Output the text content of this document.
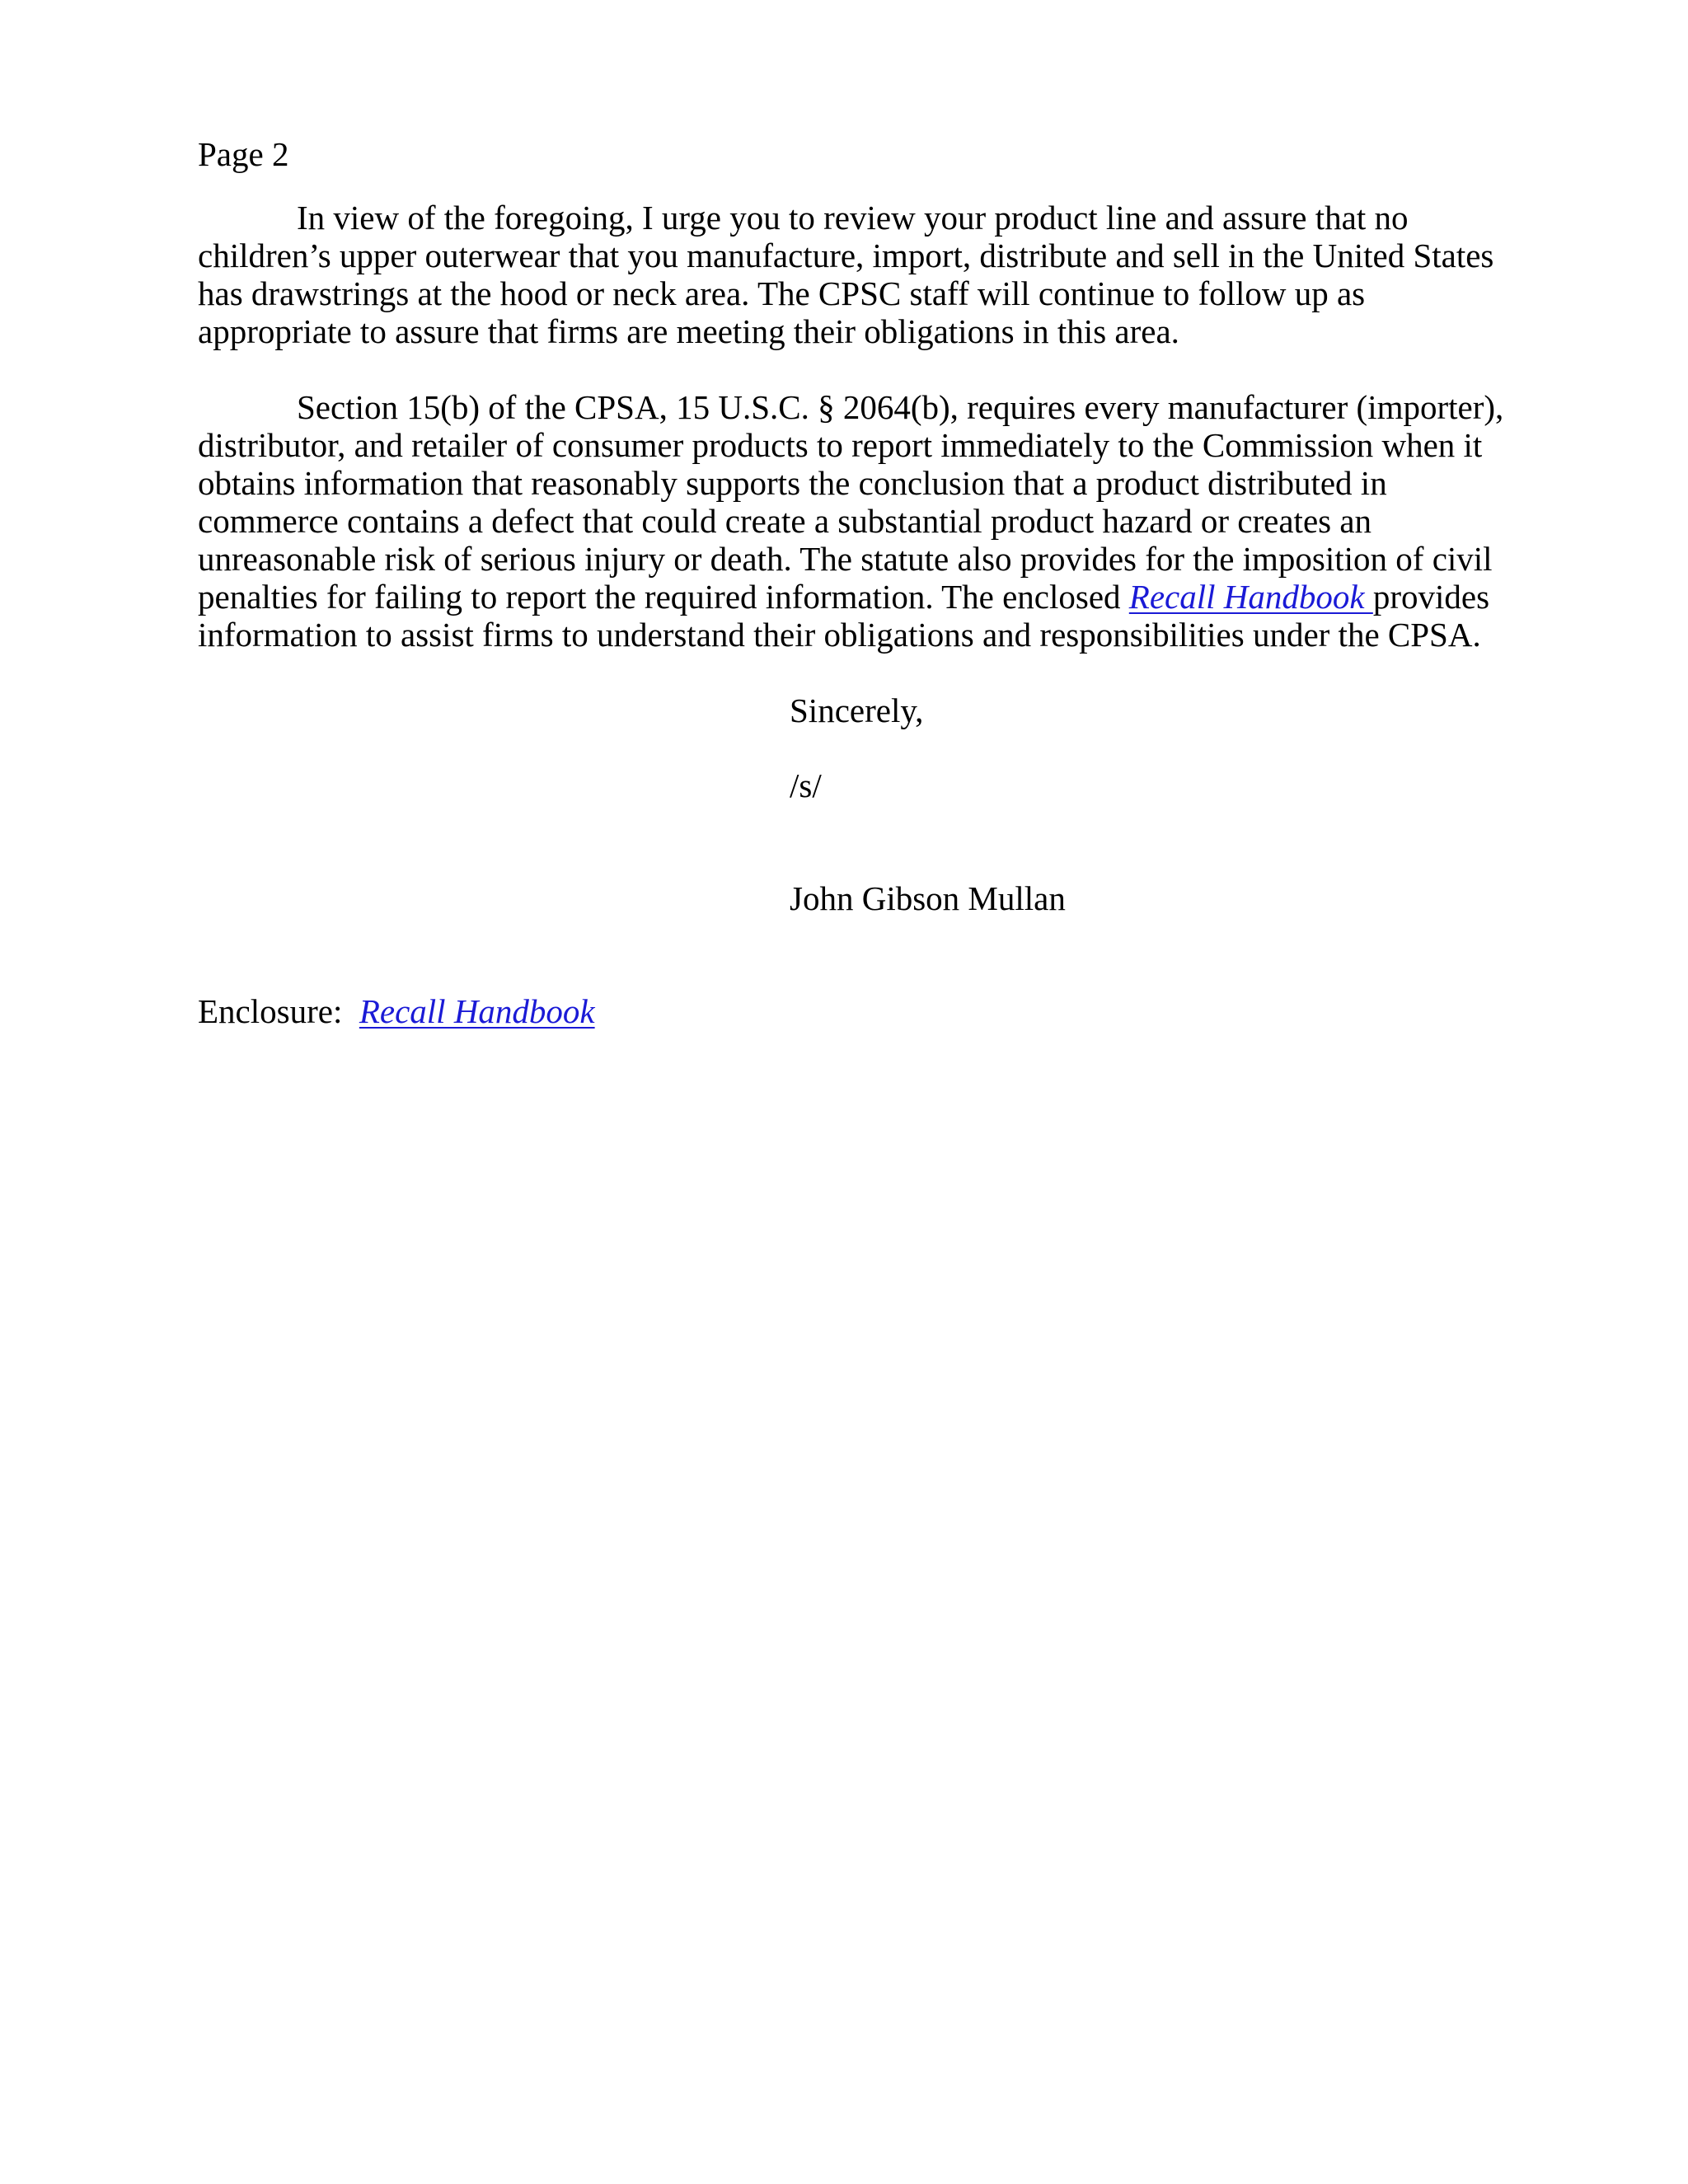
Page 2

In view of the foregoing, I urge you to review your product line and assure that no
children’s upper outerwear that you manufacture, import, distribute and sell in the United States
has drawstrings at the hood or neck area. The CPSC staff will continue to follow up as
appropriate to assure that firms are meeting their obligations in this area.
Section 15(b) of the CPSA, 15 U.S.C. § 2064(b), requires every manufacturer (importer),
distributor, and retailer of consumer products to report immediately to the Commission when it
obtains information that reasonably supports the conclusion that a product distributed in
commerce contains a defect that could create a substantial product hazard or creates an
unreasonable risk of serious injury or death. The statute also provides for the imposition of civil
penalties for failing to report the required information. The enclosed Recall Handbook provides
information to assist firms to understand their obligations and responsibilities under the CPSA.

Sincerely,

/s/

John Gibson Mullan

Enclosure:  Recall Handbook
